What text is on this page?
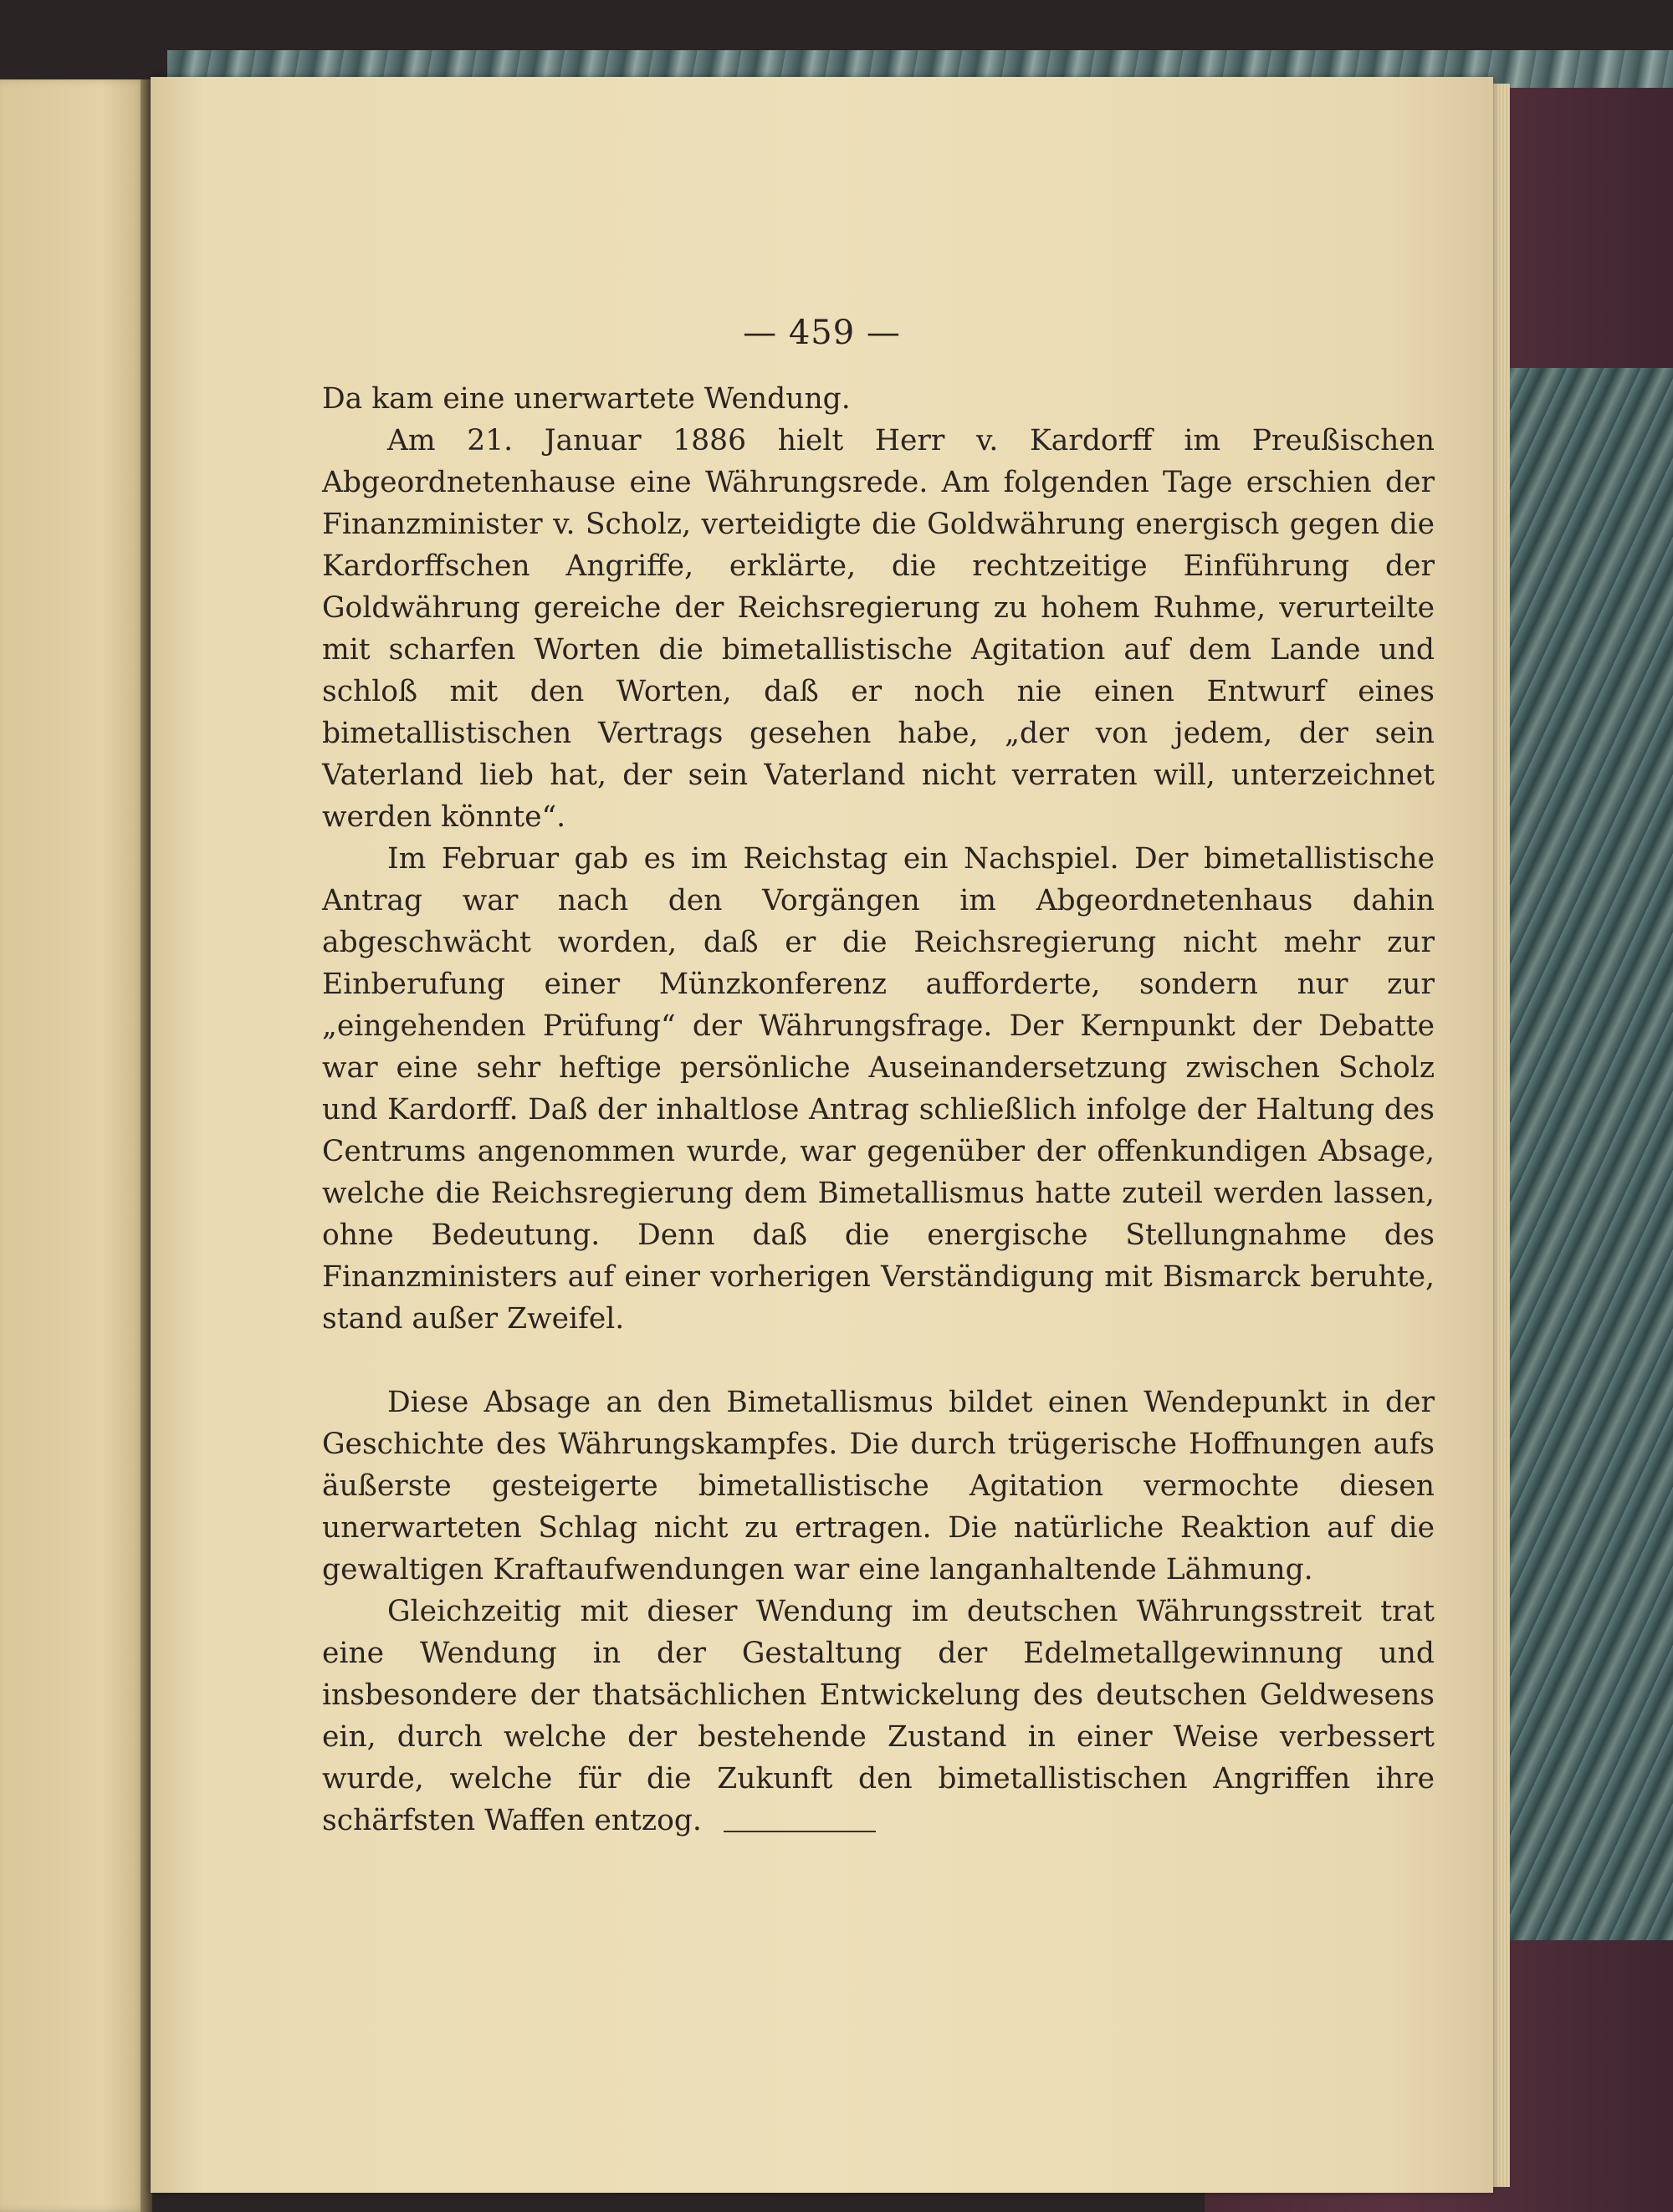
— 459 —

Da kam eine unerwartete Wendung.

Am 21. Januar 1886 hielt Herr v. Kardorff im Preußischen Abgeordnetenhause eine Währungsrede. Am folgenden Tage erschien der Finanzminister v. Scholz, verteidigte die Goldwährung energisch gegen die Kardorffschen Angriffe, erklärte, die rechtzeitige Einführung der Goldwährung gereiche der Reichsregierung zu hohem Ruhme, verurteilte mit scharfen Worten die bimetallistische Agitation auf dem Lande und schloß mit den Worten, daß er noch nie einen Entwurf eines bimetallistischen Vertrags gesehen habe, „der von jedem, der sein Vaterland lieb hat, der sein Vaterland nicht verraten will, unterzeichnet werden könnte“.

Im Februar gab es im Reichstag ein Nachspiel. Der bimetallistische Antrag war nach den Vorgängen im Abgeordnetenhaus dahin abgeschwächt worden, daß er die Reichsregierung nicht mehr zur Einberufung einer Münzkonferenz aufforderte, sondern nur zur „eingehenden Prüfung“ der Währungsfrage. Der Kernpunkt der Debatte war eine sehr heftige persönliche Auseinandersetzung zwischen Scholz und Kardorff. Daß der inhaltlose Antrag schließlich infolge der Haltung des Centrums angenommen wurde, war gegenüber der offenkundigen Absage, welche die Reichsregierung dem Bimetallismus hatte zuteil werden lassen, ohne Bedeutung. Denn daß die energische Stellungnahme des Finanzministers auf einer vorherigen Verständigung mit Bismarck beruhte, stand außer Zweifel.

Diese Absage an den Bimetallismus bildet einen Wendepunkt in der Geschichte des Währungskampfes. Die durch trügerische Hoffnungen aufs äußerste gesteigerte bimetallistische Agitation vermochte diesen unerwarteten Schlag nicht zu ertragen. Die natürliche Reaktion auf die gewaltigen Kraftaufwendungen war eine langanhaltende Lähmung.

Gleichzeitig mit dieser Wendung im deutschen Währungsstreit trat eine Wendung in der Gestaltung der Edelmetallgewinnung und insbesondere der thatsächlichen Entwickelung des deutschen Geldwesens ein, durch welche der bestehende Zustand in einer Weise verbessert wurde, welche für die Zukunft den bimetallistischen Angriffen ihre schärfsten Waffen entzog.
